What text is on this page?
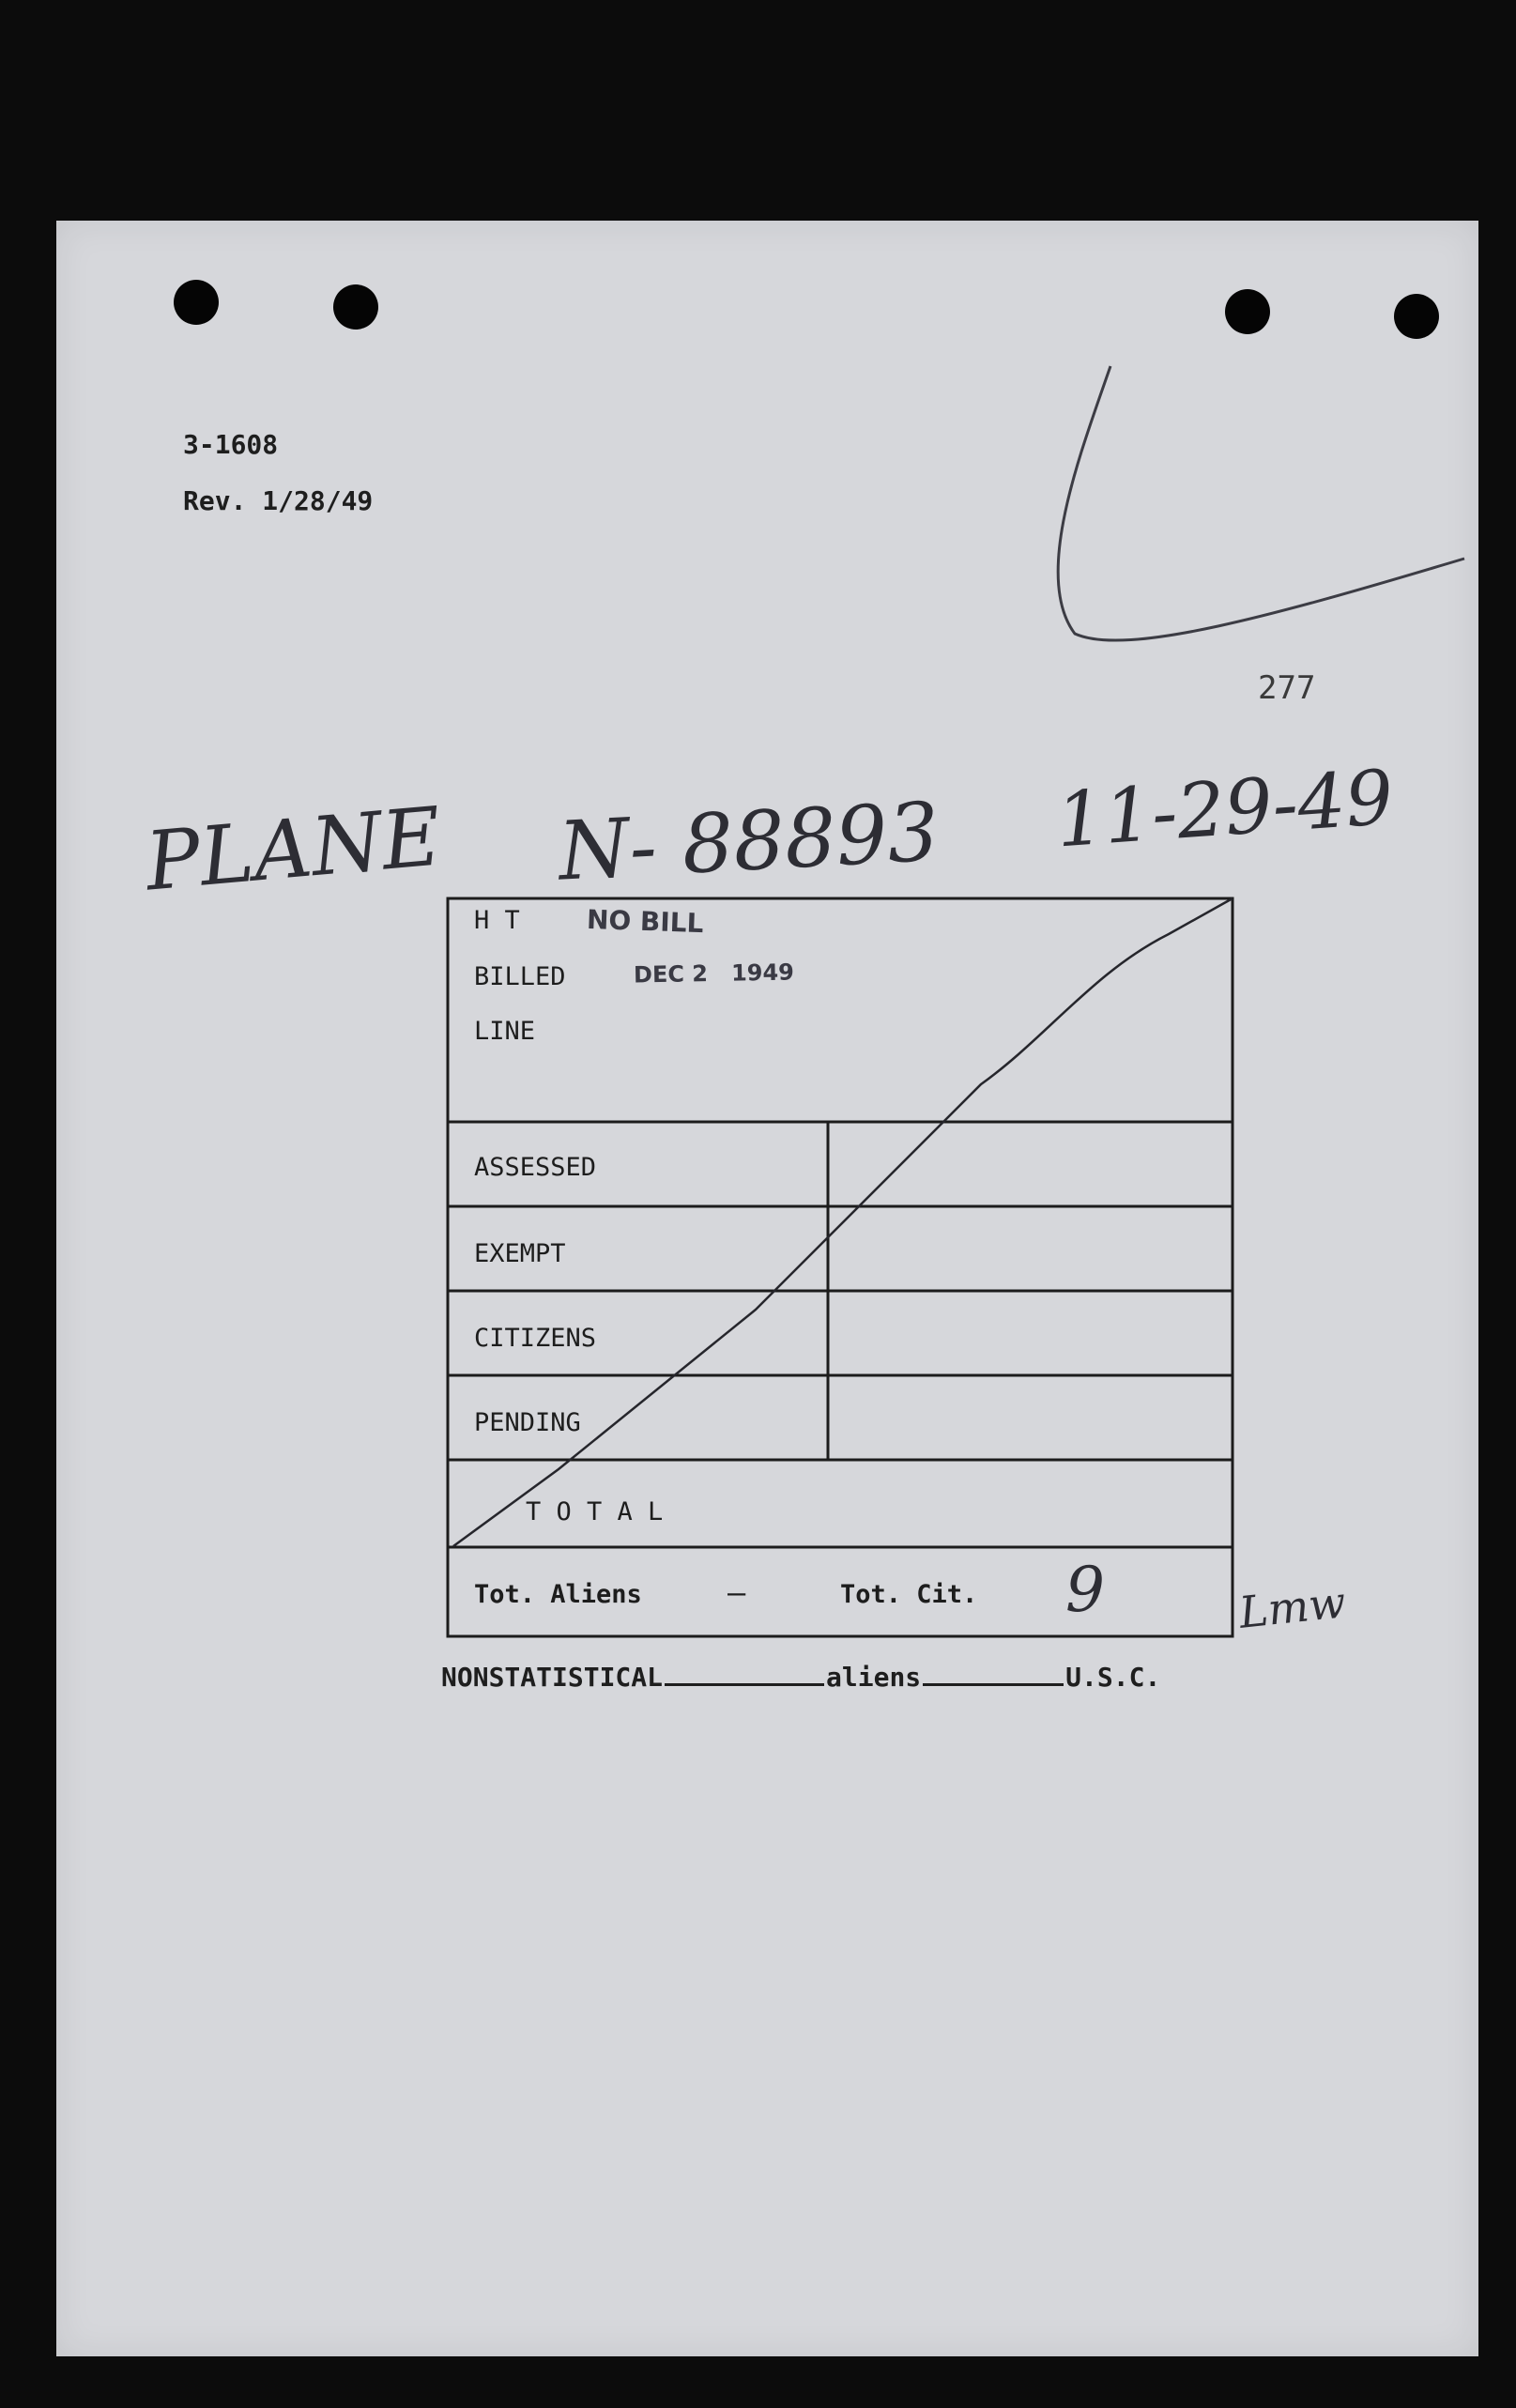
3-1608
Rev. 1/28/49
277
PLANE N- 88893 11-29-49
Lmw
NONSTATISTICAL	aliens	U.S.C.
H T	NO BILL
BILLED	DEC 2   1949
LINE
ASSESSED
EXEMPT
CITIZENS
PENDING
T O T A L
Tot. Aliens	—	Tot. Cit. 9
